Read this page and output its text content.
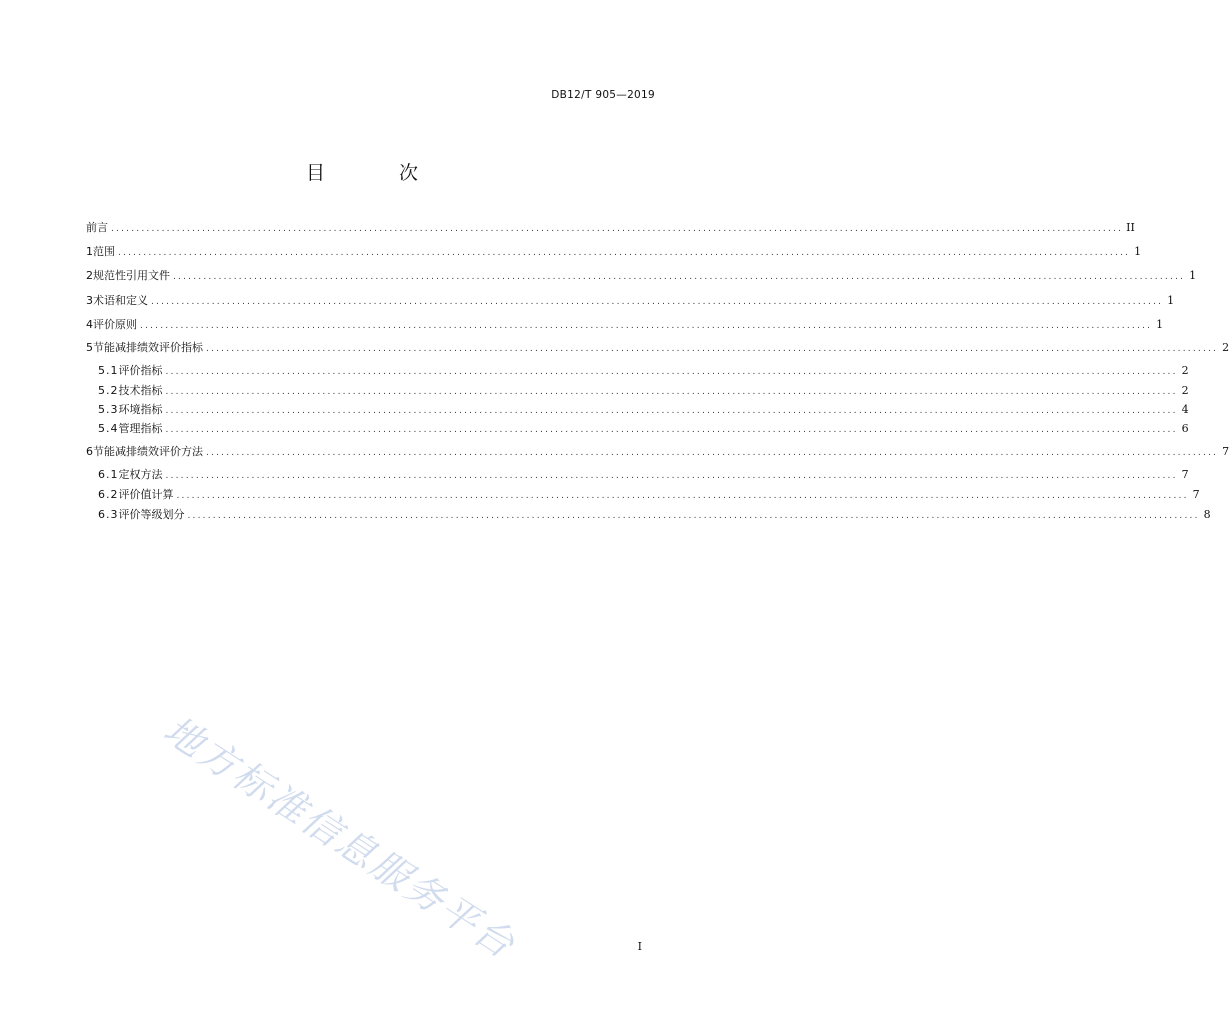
DB12/T 905—2019
目 次
前言 ........................................................................................................................................................................................................ II
1 范围 ........................................................................................................................................................................................................ 1
2 规范性引用文件 ........................................................................................................................................................................................................ 1
3 术语和定义 ........................................................................................................................................................................................................ 1
4 评价原则 ........................................................................................................................................................................................................ 1
5 节能减排绩效评价指标 ........................................................................................................................................................................................................ 2
5.1 评价指标 ........................................................................................................................................................................................................ 2
5.2 技术指标 ........................................................................................................................................................................................................ 2
5.3 环境指标 ........................................................................................................................................................................................................ 4
5.4 管理指标 ........................................................................................................................................................................................................ 6
6 节能减排绩效评价方法 ........................................................................................................................................................................................................ 7
6.1 定权方法 ........................................................................................................................................................................................................ 7
6.2 评价值计算 ........................................................................................................................................................................................................ 7
6.3 评价等级划分 ........................................................................................................................................................................................................ 8
地方标准信息服务平台	I
